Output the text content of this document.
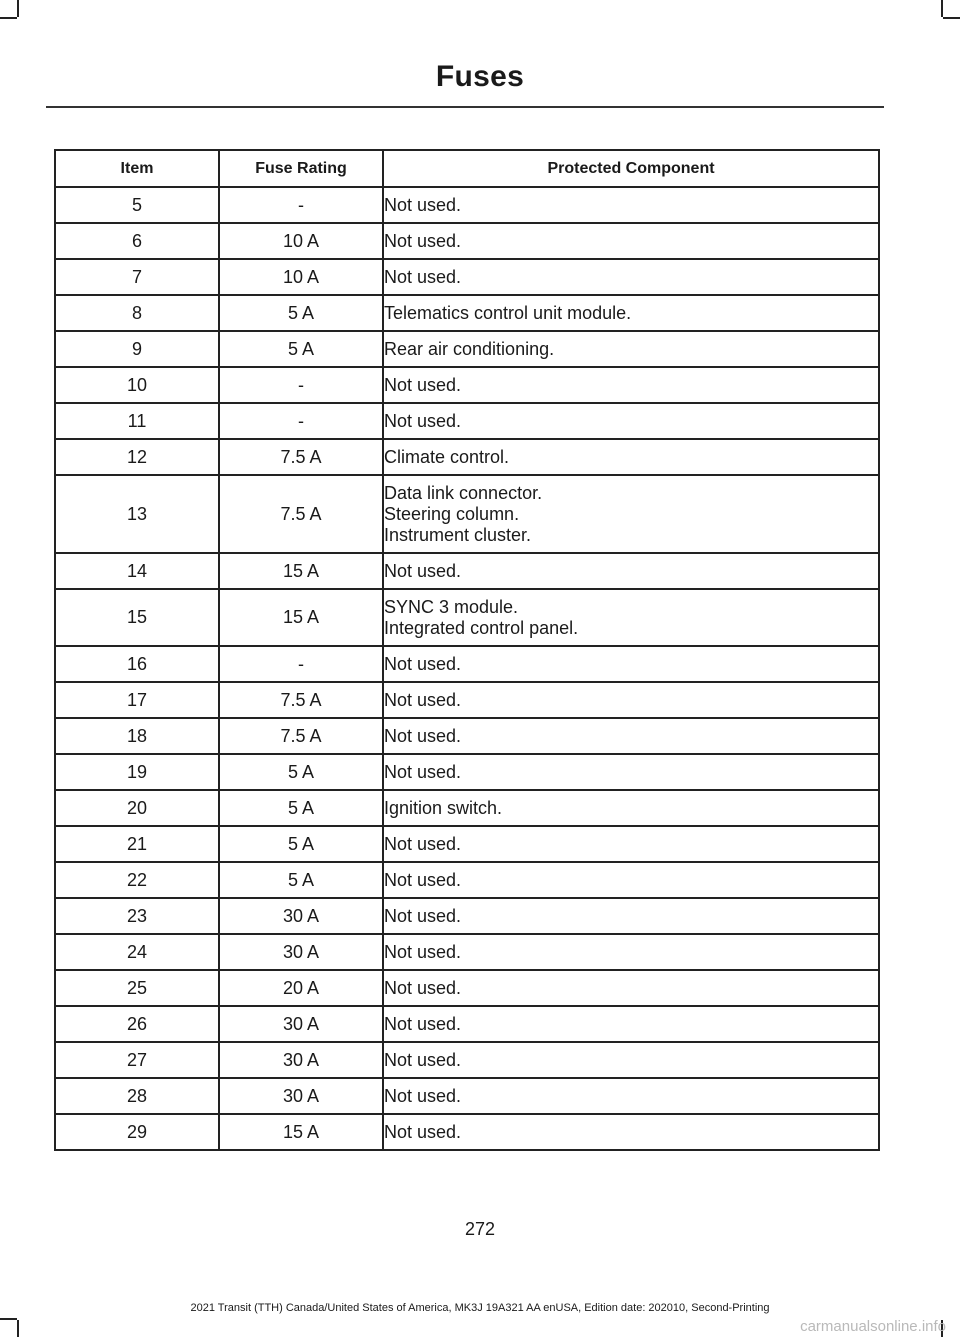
Fuses
Item	Fuse Rating	Protected Component
5	-	Not used.

6	10 A	Not used.

7	10 A	Not used.

8	5 A	Telematics control unit module.

9	5 A	Rear air conditioning.

10	-	Not used.

11	-	Not used.

12	7.5 A	Climate control.

13	7.5 A	Data link connector.
Steering column.
Instrument cluster.

14	15 A	Not used.

15	15 A	SYNC 3 module.
Integrated control panel.

16	-	Not used.

17	7.5 A	Not used.

18	7.5 A	Not used.

19	5 A	Not used.

20	5 A	Ignition switch.

21	5 A	Not used.

22	5 A	Not used.

23	30 A	Not used.

24	30 A	Not used.

25	20 A	Not used.

26	30 A	Not used.

27	30 A	Not used.

28	30 A	Not used.

29	15 A	Not used.
272
2021 Transit (TTH) Canada/United States of America, MK3J 19A321 AA enUSA, Edition date: 202010, Second-Printing
carmanualsonline.info
